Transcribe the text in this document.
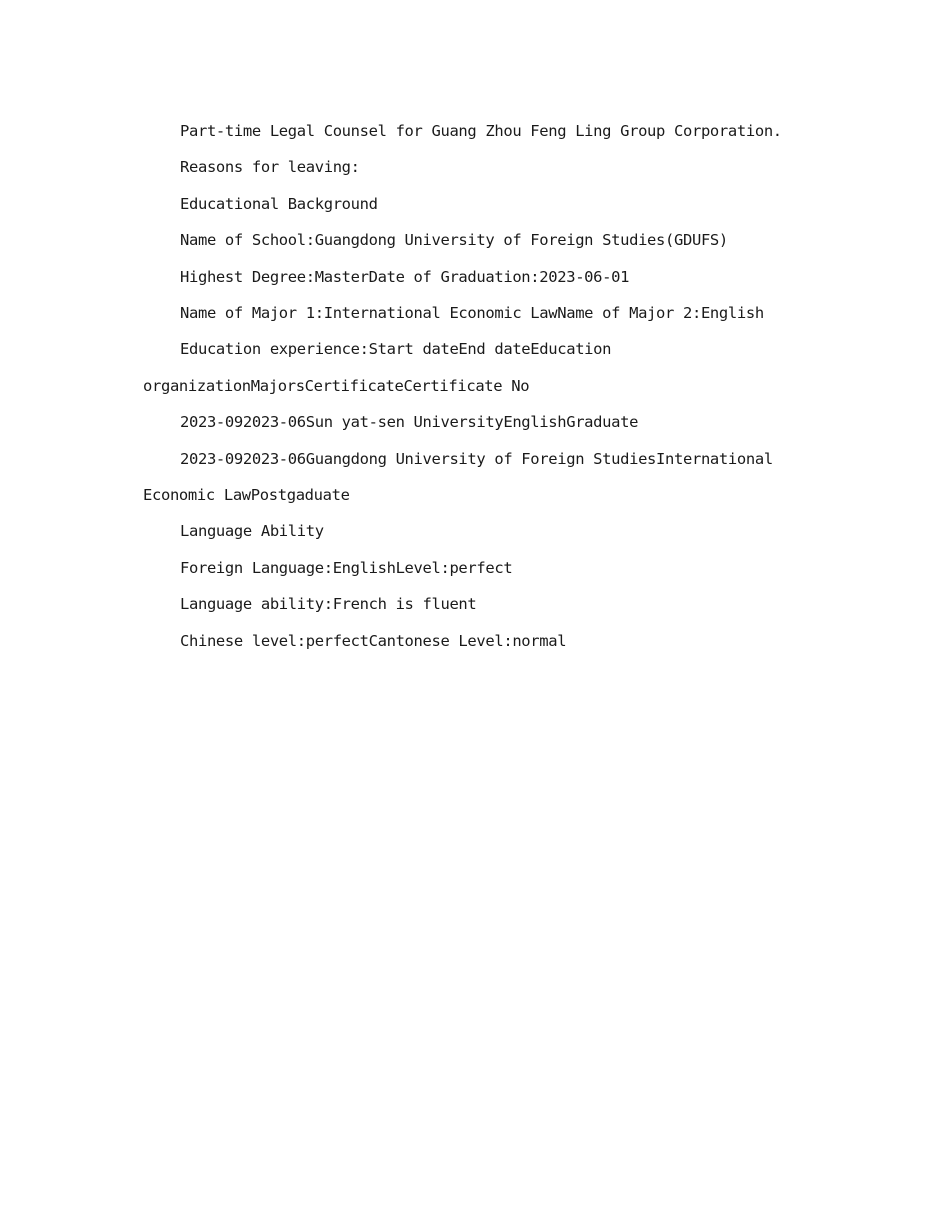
Part-time Legal Counsel for Guang Zhou Feng Ling Group Corporation.

Reasons for leaving:

Educational Background

Name of School:Guangdong University of Foreign Studies(GDUFS)

Highest Degree:MasterDate of Graduation:2023-06-01

Name of Major 1:International Economic LawName of Major 2:English

Education experience:Start dateEnd dateEducation organizationMajorsCertificateCertificate No

2023-092023-06Sun yat-sen UniversityEnglishGraduate

2023-092023-06Guangdong University of Foreign StudiesInternational Economic LawPostgaduate

Language Ability

Foreign Language:EnglishLevel:perfect

Language ability:French is fluent

Chinese level:perfectCantonese Level:normal
